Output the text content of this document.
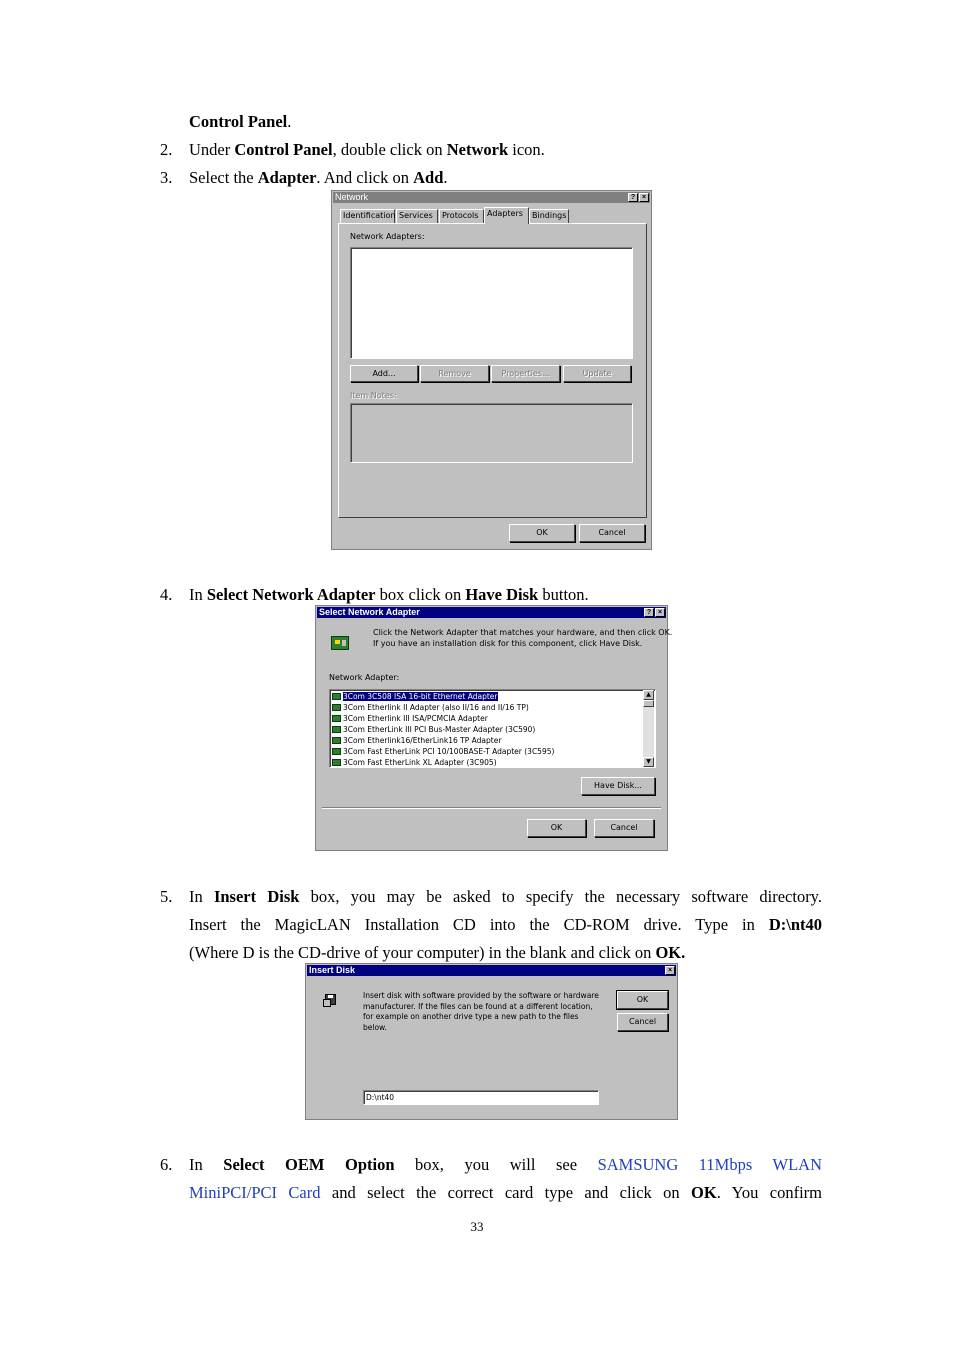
Control Panel.
2.	Under Control Panel, double click on Network icon.
3.	Select the Adapter. And click on Add.
Network	? ×
Identification Services	Protocols	Adapters	Bindings
Network Adapters:
Add...	Remove	Properties...	Update
Item Notes:
OK	Cancel
4.	In Select Network Adapter box click on Have Disk button.
Select Network Adapter	? ×
Click the Network Adapter that matches your hardware, and then click OK.
If you have an installation disk for this component, click Have Disk.
Network Adapter:
3Com 3C508 ISA 16-bit Ethernet Adapter
3Com Etherlink II Adapter (also II/16 and II/16 TP)
3Com Etherlink III ISA/PCMCIA Adapter
3Com EtherLink III PCI Bus-Master Adapter (3C590)
3Com Etherlink16/EtherLink16 TP Adapter
3Com Fast EtherLink PCI 10/100BASE-T Adapter (3C595)
3Com Fast EtherLink XL Adapter (3C905)
▲
▼
Have Disk...
OK	Cancel
5.	In Insert Disk box, you may be asked to specify the necessary software directory.
Insert the MagicLAN Installation CD into the CD-ROM drive. Type in D:\nt40
(Where D is the CD-drive of your computer) in the blank and click on OK.
Insert Disk	×
Insert disk with software provided by the software or hardware manufacturer. If the files can be found at a different location, for example on another drive type a new path to the files below.
OK
Cancel
D:\nt40
6.	In Select OEM Option box, you will see SAMSUNG 11Mbps WLAN
MiniPCI/PCI Card and select the correct card type and click on OK. You confirm
33
